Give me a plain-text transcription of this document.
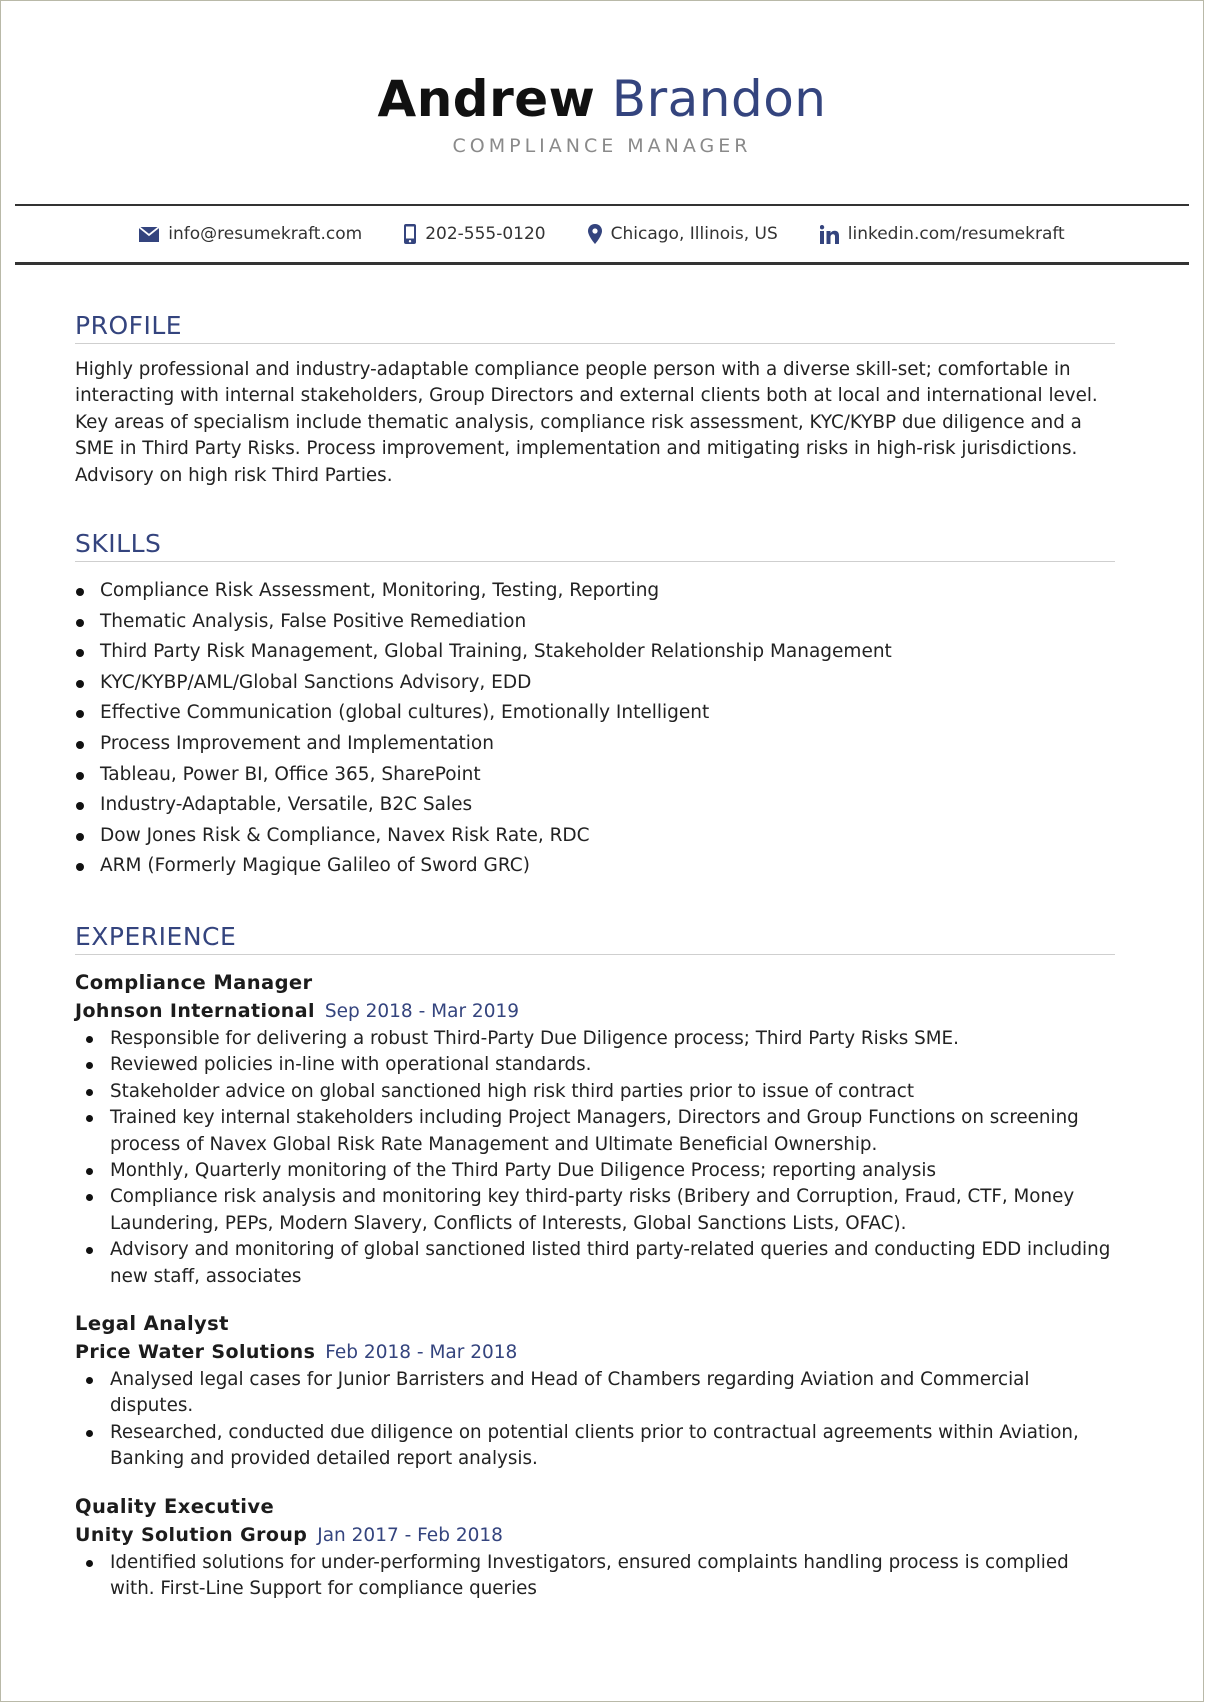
Andrew Brandon
COMPLIANCE MANAGER
info@resumekraft.com	202-555-0120	Chicago, Illinois, US	linkedin.com/resumekraft
PROFILE

Highly professional and industry-adaptable compliance people person with a diverse skill-set; comfortable in interacting with internal stakeholders, Group Directors and external clients both at local and international level. Key areas of specialism include thematic analysis, compliance risk assessment, KYC/KYBP due diligence and a SME in Third Party Risks. Process improvement, implementation and mitigating risks in high-risk jurisdictions. Advisory on high risk Third Parties.

SKILLS
Compliance Risk Assessment, Monitoring, Testing, Reporting
Thematic Analysis, False Positive Remediation
Third Party Risk Management, Global Training, Stakeholder Relationship Management
KYC/KYBP/AML/Global Sanctions Advisory, EDD
Effective Communication (global cultures), Emotionally Intelligent
Process Improvement and Implementation
Tableau, Power BI, Office 365, SharePoint
Industry-Adaptable, Versatile, B2C Sales
Dow Jones Risk & Compliance, Navex Risk Rate, RDC
ARM (Formerly Magique Galileo of Sword GRC)
EXPERIENCE
Compliance Manager
Johnson International Sep 2018 - Mar 2019
Responsible for delivering a robust Third-Party Due Diligence process; Third Party Risks SME.
Reviewed policies in-line with operational standards.
Stakeholder advice on global sanctioned high risk third parties prior to issue of contract
Trained key internal stakeholders including Project Managers, Directors and Group Functions on screening process of Navex Global Risk Rate Management and Ultimate Beneficial Ownership.
Monthly, Quarterly monitoring of the Third Party Due Diligence Process; reporting analysis
Compliance risk analysis and monitoring key third-party risks (Bribery and Corruption, Fraud, CTF, Money Laundering, PEPs, Modern Slavery, Conflicts of Interests, Global Sanctions Lists, OFAC).
Advisory and monitoring of global sanctioned listed third party-related queries and conducting EDD including new staff, associates
Legal Analyst
Price Water Solutions Feb 2018 - Mar 2018
Analysed legal cases for Junior Barristers and Head of Chambers regarding Aviation and Commercial disputes.
Researched, conducted due diligence on potential clients prior to contractual agreements within Aviation, Banking and provided detailed report analysis.
Quality Executive
Unity Solution Group Jan 2017 - Feb 2018
Identified solutions for under-performing Investigators, ensured complaints handling process is complied with. First-Line Support for compliance queries
